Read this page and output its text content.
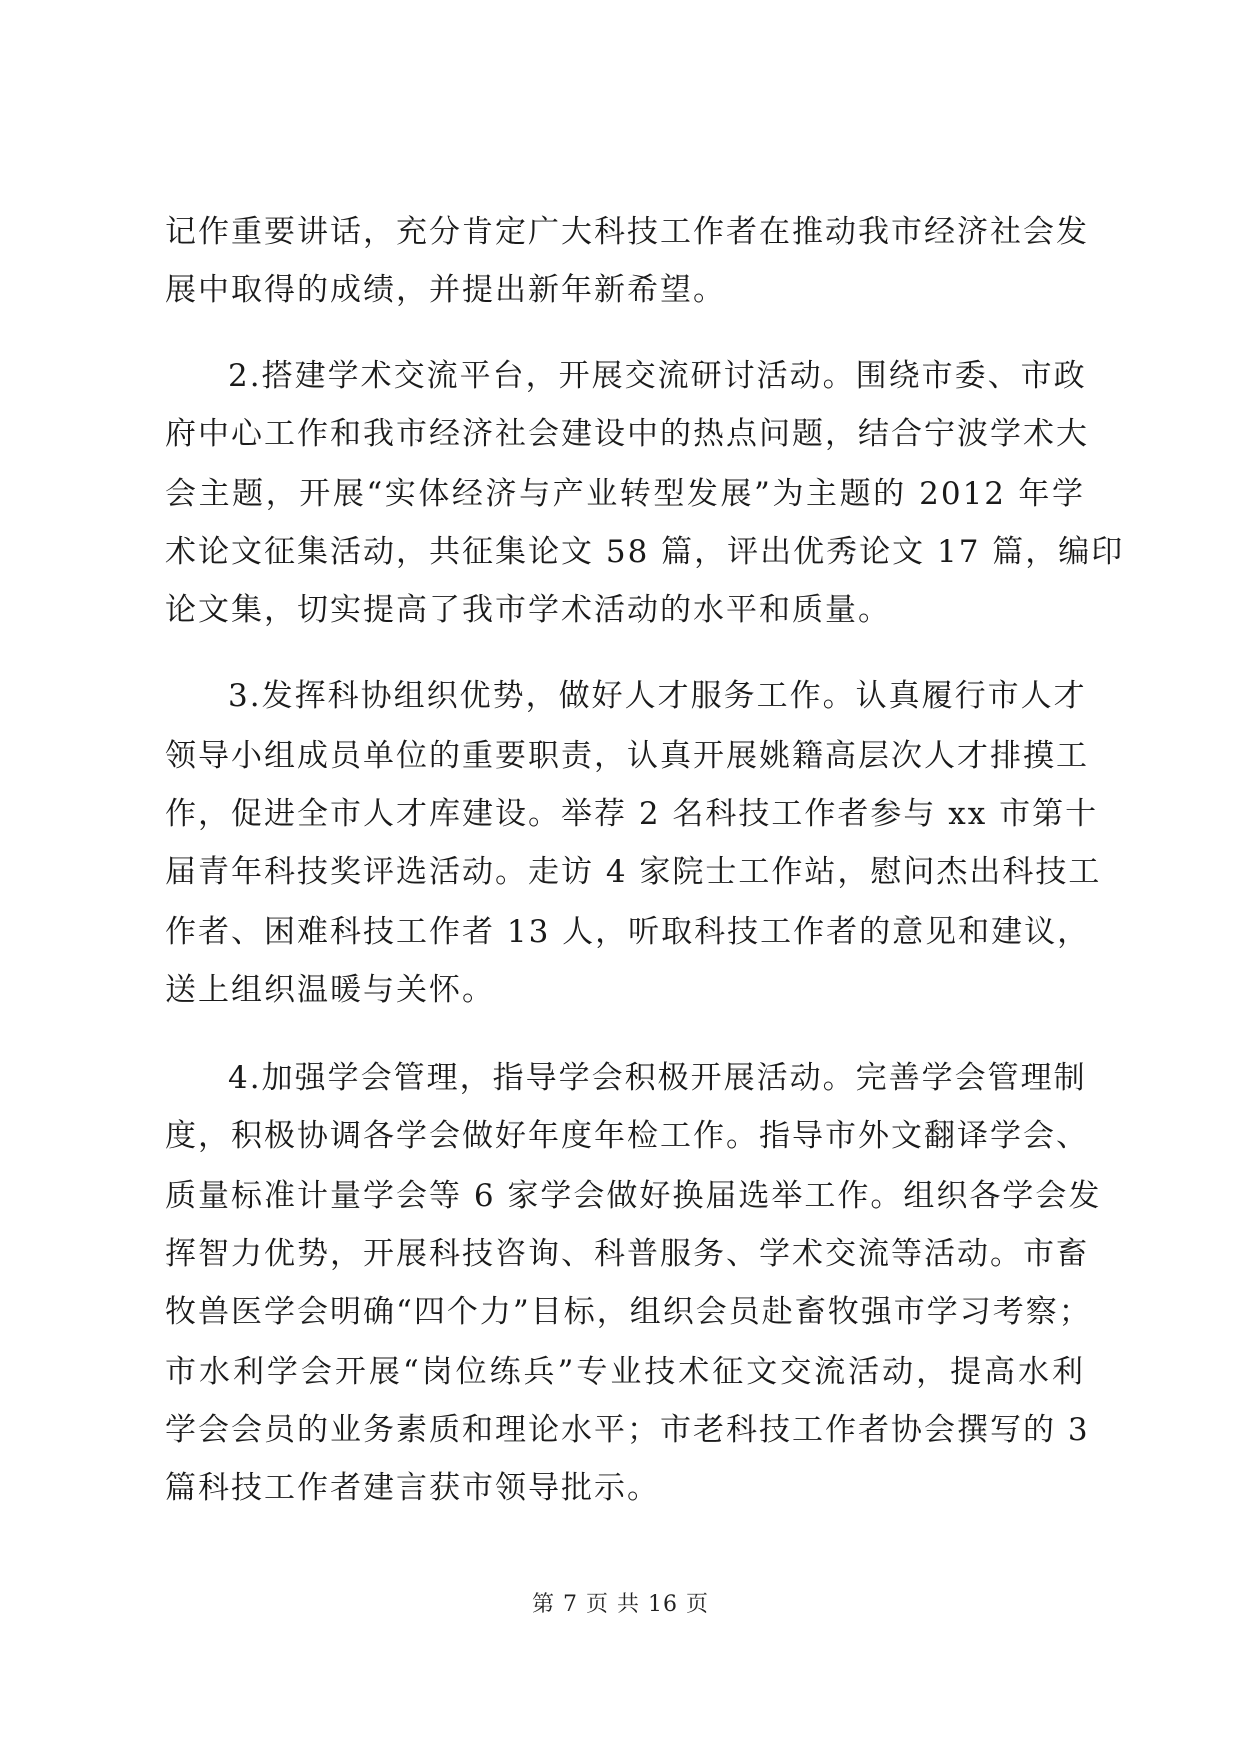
记作重要讲话，充分肯定广大科技工作者在推动我市经济社会发
展中取得的成绩，并提出新年新希望。
2.搭建学术交流平台，开展交流研讨活动。围绕市委、市政
府中心工作和我市经济社会建设中的热点问题，结合宁波学术大
会主题，开展“实体经济与产业转型发展”为主题的 2012 年学
术论文征集活动，共征集论文 58 篇，评出优秀论文 17 篇，编印
论文集，切实提高了我市学术活动的水平和质量。
3.发挥科协组织优势，做好人才服务工作。认真履行市人才
领导小组成员单位的重要职责，认真开展姚籍高层次人才排摸工
作，促进全市人才库建设。举荐 2 名科技工作者参与 xx 市第十
届青年科技奖评选活动。走访 4 家院士工作站，慰问杰出科技工
作者、困难科技工作者 13 人，听取科技工作者的意见和建议，
送上组织温暖与关怀。
4.加强学会管理，指导学会积极开展活动。完善学会管理制
度，积极协调各学会做好年度年检工作。指导市外文翻译学会、
质量标准计量学会等 6 家学会做好换届选举工作。组织各学会发
挥智力优势，开展科技咨询、科普服务、学术交流等活动。市畜
牧兽医学会明确“四个力”目标，组织会员赴畜牧强市学习考察；
市水利学会开展“岗位练兵”专业技术征文交流活动，提高水利
学会会员的业务素质和理论水平；市老科技工作者协会撰写的 3
篇科技工作者建言获市领导批示。
第 7 页 共 16 页
